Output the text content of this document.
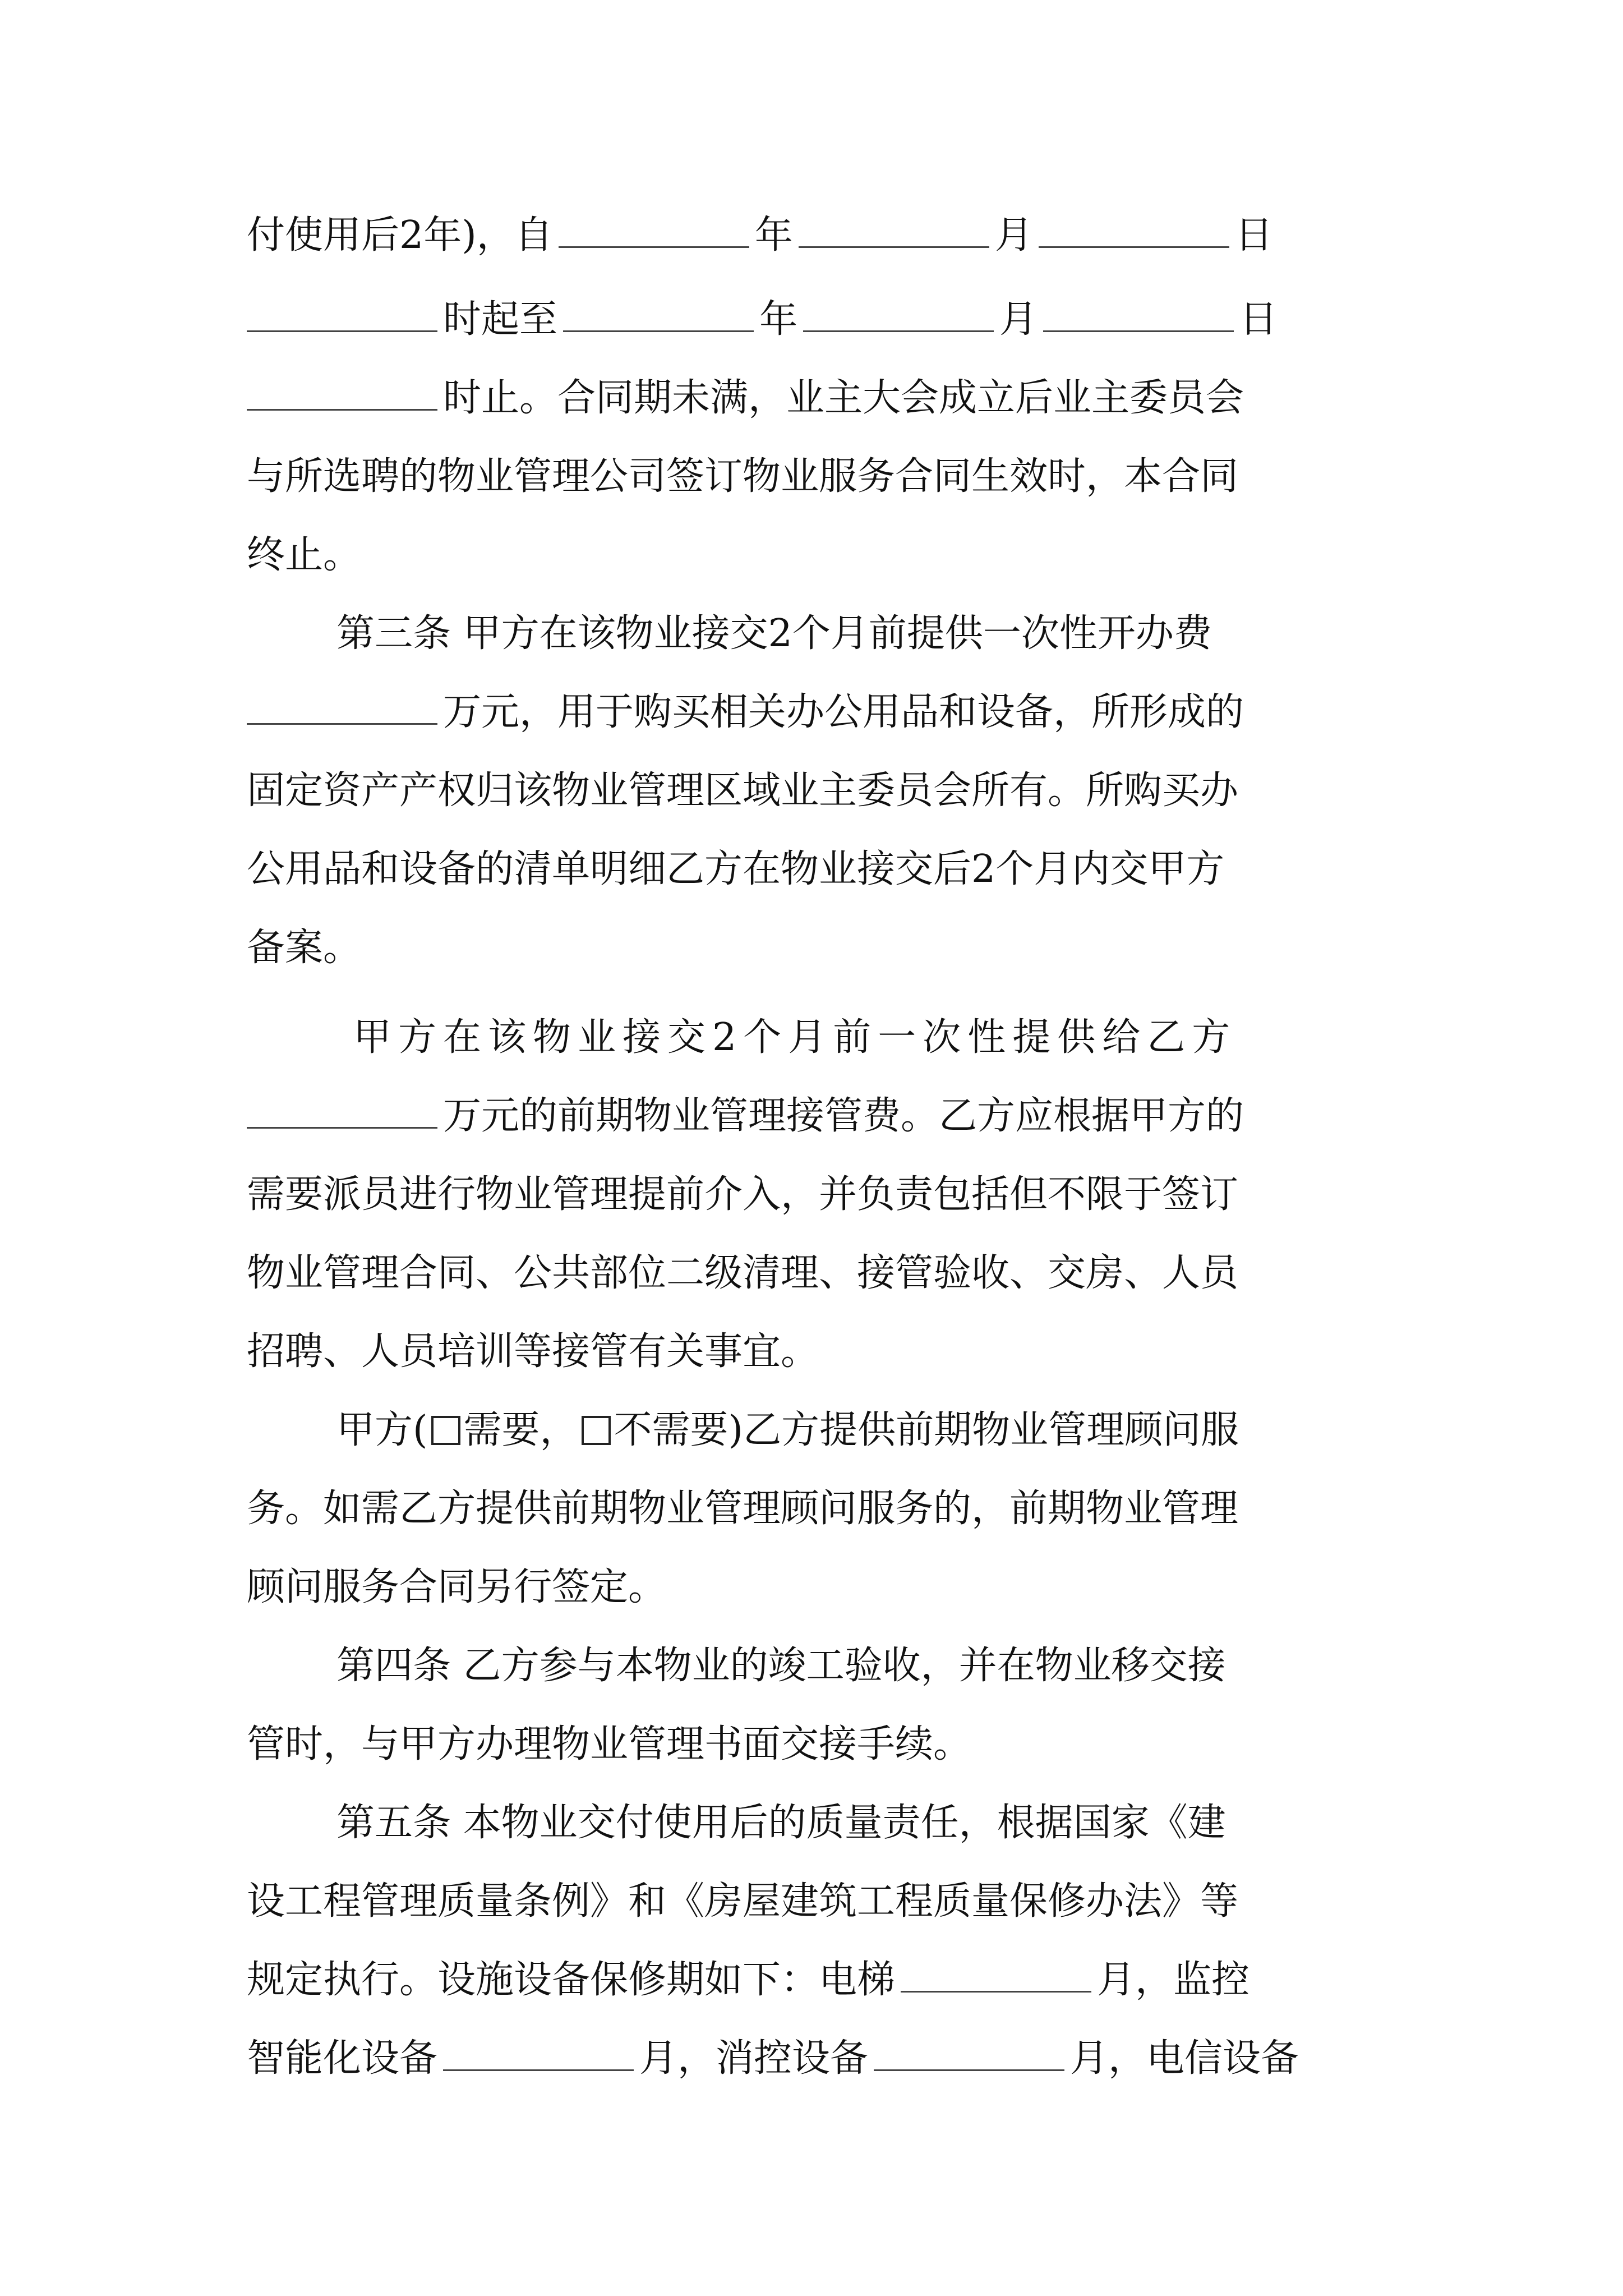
付使用后2年)，自	年	月	日
时起至	年	月	日
时止。合同期未满，业主大会成立后业主委员会
与所选聘的物业管理公司签订物业服务合同生效时，本合同
终止。
第三条 甲方在该物业接交2个月前提供一次性开办费
万元，用于购买相关办公用品和设备，所形成的
固定资产产权归该物业管理区域业主委员会所有。所购买办
公用品和设备的清单明细乙方在物业接交后2个月内交甲方
备案。
甲方在该物业接交2个月前一次性提供给乙方
万元的前期物业管理接管费。乙方应根据甲方的
需要派员进行物业管理提前介入，并负责包括但不限于签订
物业管理合同、公共部位二级清理、接管验收、交房、人员
招聘、人员培训等接管有关事宜。
甲方( 需要， 不需要)乙方提供前期物业管理顾问服
务。如需乙方提供前期物业管理顾问服务的，前期物业管理
顾问服务合同另行签定。
第四条 乙方参与本物业的竣工验收，并在物业移交接
管时，与甲方办理物业管理书面交接手续。
第五条 本物业交付使用后的质量责任，根据国家《建
设工程管理质量条例》和《房屋建筑工程质量保修办法》等
规定执行。设施设备保修期如下：电梯	月，监控
智能化设备	月，消控设备	月，电信设备
